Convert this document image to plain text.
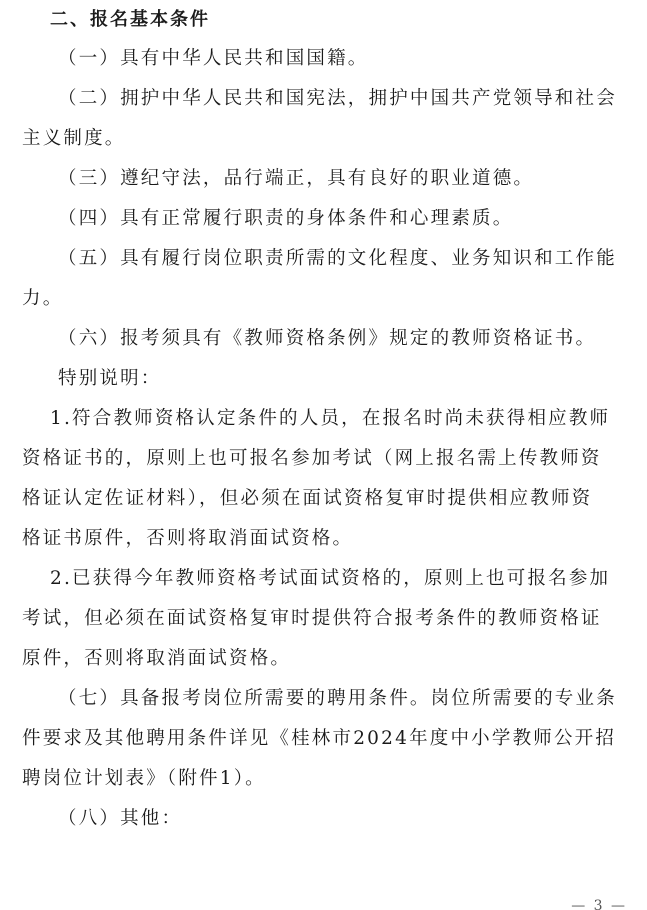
二、报名基本条件
（一）具有中华人民共和国国籍。
（二）拥护中华人民共和国宪法，拥护中国共产党领导和社会
主义制度。
（三）遵纪守法，品行端正，具有良好的职业道德。
（四）具有正常履行职责的身体条件和心理素质。
（五）具有履行岗位职责所需的文化程度、业务知识和工作能
力。
（六）报考须具有《教师资格条例》规定的教师资格证书。
特别说明：
1.符合教师资格认定条件的人员，在报名时尚未获得相应教师
资格证书的，原则上也可报名参加考试（网上报名需上传教师资
格证认定佐证材料），但必须在面试资格复审时提供相应教师资
格证书原件，否则将取消面试资格。
2.已获得今年教师资格考试面试资格的，原则上也可报名参加
考试，但必须在面试资格复审时提供符合报考条件的教师资格证
原件，否则将取消面试资格。
（七）具备报考岗位所需要的聘用条件。岗位所需要的专业条
件要求及其他聘用条件详见《桂林市2024年度中小学教师公开招
聘岗位计划表》（附件1）。
（八）其他：
— 3 —
